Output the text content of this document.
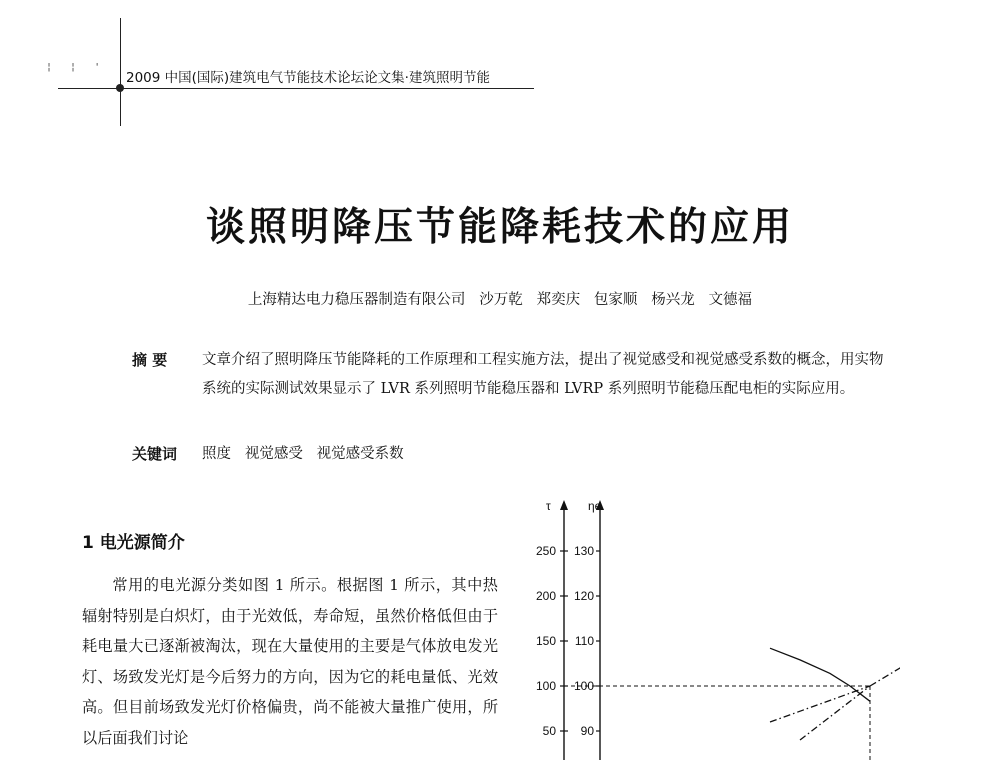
¦ ¦ '
2009 中国(国际)建筑电气节能技术论坛论文集·建筑照明节能
谈照明降压节能降耗技术的应用
上海精达电力稳压器制造有限公司   沙万乾   郑奕庆   包家顺   杨兴龙   文德福
摘 要 文章介绍了照明降压节能降耗的工作原理和工程实施方法，提出了视觉感受和视觉感受系数的概念，用实物系统的实际测试效果显示了 LVR 系列照明节能稳压器和 LVRP 系列照明节能稳压配电柜的实际应用。
关键词 照度   视觉感受   视觉感受系数
1 电光源简介
常用的电光源分类如图 1 所示。根据图 1 所示，其中热辐射特别是白炽灯，由于光效低，寿命短，虽然价格低但由于耗电量大已逐渐被淘汰，现在大量使用的主要是气体放电发光灯、场致发光灯是今后努力的方向，因为它的耗电量低、光效高。但目前场致发光灯价格偏贵，尚不能被大量推广使用，所以后面我们讨论
τ	ηe
250
200
150
100
50
130
120
110
100
90
